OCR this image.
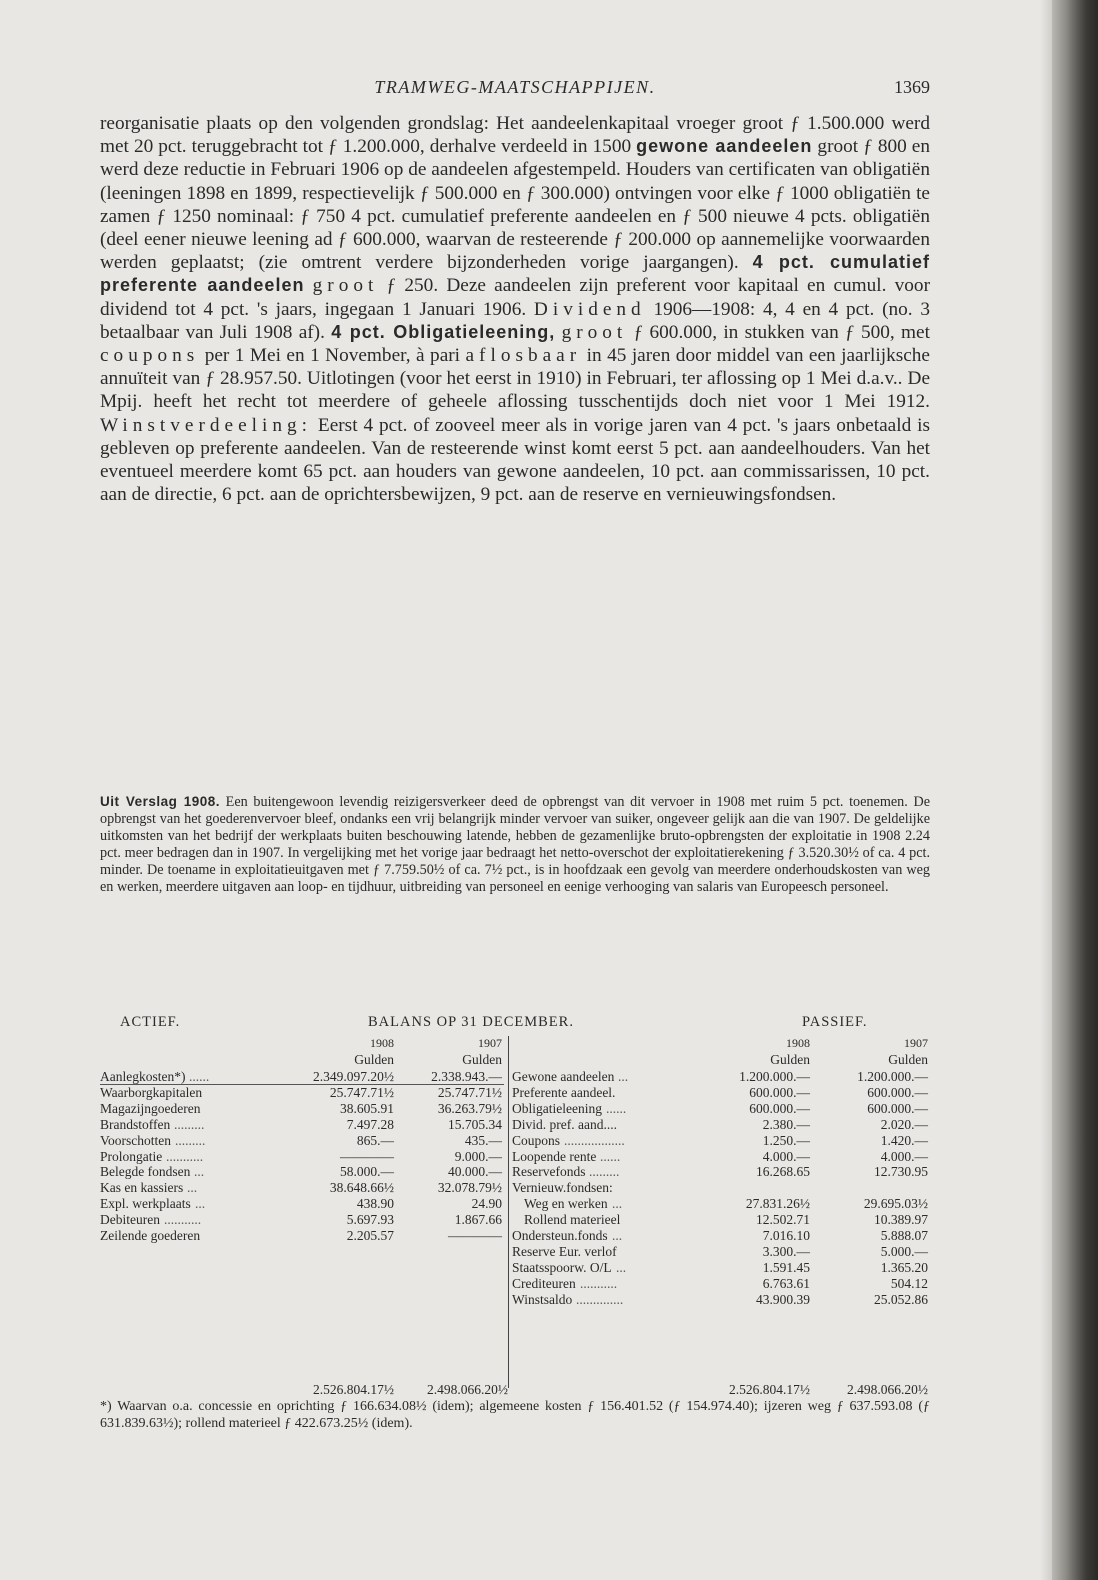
TRAMWEG-MAATSCHAPPIJEN.	1369

reorganisatie plaats op den volgenden grondslag: Het aandeelenkapitaal vroeger groot ƒ 1.500.000 werd met 20 pct. teruggebracht tot ƒ 1.200.000, derhalve verdeeld in 1500 gewone aandeelen groot ƒ 800 en werd deze reductie in Februari 1906 op de aandeelen afgestempeld. Houders van certificaten van obligatiën (leeningen 1898 en 1899, respectievelijk ƒ 500.000 en ƒ 300.000) ontvingen voor elke ƒ 1000 obligatiën te zamen ƒ 1250 nominaal: ƒ 750 4 pct. cumulatief preferente aandeelen en ƒ 500 nieuwe 4 pcts. obligatiën (deel eener nieuwe leening ad ƒ 600.000, waarvan de resteerende ƒ 200.000 op aannemelijke voorwaarden werden geplaatst; (zie omtrent verdere bijzonderheden vorige jaargangen). 4 pct. cumulatief preferente aandeelen groot ƒ 250. Deze aandeelen zijn preferent voor kapitaal en cumul. voor dividend tot 4 pct. 's jaars, ingegaan 1 Januari 1906. Dividend 1906—1908: 4, 4 en 4 pct. (no. 3 betaalbaar van Juli 1908 af). 4 pct. Obligatieleening, groot ƒ 600.000, in stukken van ƒ 500, met coupons per 1 Mei en 1 November, à pari aflosbaar in 45 jaren door middel van een jaarlijksche annuïteit van ƒ 28.957.50. Uitlotingen (voor het eerst in 1910) in Februari, ter aflossing op 1 Mei d.a.v.. De Mpij. heeft het recht tot meerdere of geheele aflossing tusschentijds doch niet voor 1 Mei 1912. Winstverdeeling: Eerst 4 pct. of zooveel meer als in vorige jaren van 4 pct. 's jaars onbetaald is gebleven op preferente aandeelen. Van de resteerende winst komt eerst 5 pct. aan aandeelhouders. Van het eventueel meerdere komt 65 pct. aan houders van gewone aandeelen, 10 pct. aan commissarissen, 10 pct. aan de directie, 6 pct. aan de oprichtersbewijzen, 9 pct. aan de reserve en vernieuwingsfondsen.

Uit Verslag 1908. Een buitengewoon levendig reizigersverkeer deed de opbrengst van dit vervoer in 1908 met ruim 5 pct. toenemen. De opbrengst van het goederenvervoer bleef, ondanks een vrij belangrijk minder vervoer van suiker, ongeveer gelijk aan die van 1907. De geldelijke uitkomsten van het bedrijf der werkplaats buiten beschouwing latende, hebben de gezamenlijke bruto-opbrengsten der exploitatie in 1908 2.24 pct. meer bedragen dan in 1907. In vergelijking met het vorige jaar bedraagt het netto-overschot der exploitatierekening ƒ 3.520.30½ of ca. 4 pct. minder. De toename in exploitatieuitgaven met ƒ 7.759.50½ of ca. 7½ pct., is in hoofdzaak een gevolg van meerdere onderhoudskosten van weg en werken, meerdere uitgaven aan loop- en tijdhuur, uitbreiding van personeel en eenige verhooging van salaris van Europeesch personeel.

ACTIEF.	BALANS OP 31 DECEMBER.	PASSIEF.
1908	1907	1908	1907
Gulden	Gulden	Gulden	Gulden
Aanlegkosten*) ......	2.349.097.20½	2.338.943.—
Waarborgkapitalen	25.747.71½	25.747.71½
Magazijngoederen	38.605.91	36.263.79½
Brandstoffen .........	7.497.28	15.705.34
Voorschotten .........	865.—	435.—
Prolongatie ...........	————	9.000.—
Belegde fondsen ...	58.000.—	40.000.—
Kas en kassiers ...	38.648.66½	32.078.79½
Expl. werkplaats ...	438.90	24.90
Debiteuren ...........	5.697.93	1.867.66
Zeilende goederen	2.205.57	————
Gewone aandeelen ...	1.200.000.—	1.200.000.—
Preferente aandeel.	600.000.—	600.000.—
Obligatieleening ......	600.000.—	600.000.—
Divid. pref. aand....	2.380.—	2.020.—
Coupons ..................	1.250.—	1.420.—
Loopende rente ......	4.000.—	4.000.—
Reservefonds .........	16.268.65	12.730.95
Vernieuw.fondsen:
Weg en werken ...	27.831.26½	29.695.03½
Rollend materieel	12.502.71	10.389.97
Ondersteun.fonds ...	7.016.10	5.888.07
Reserve Eur. verlof	3.300.—	5.000.—
Staatsspoorw. O/L ...	1.591.45	1.365.20
Crediteuren ...........	6.763.61	504.12
Winstsaldo ..............	43.900.39	25.052.86
2.526.804.17½	2.498.066.20½	2.526.804.17½	2.498.066.20½

*) Waarvan o.a. concessie en oprichting ƒ 166.634.08½ (idem); algemeene kosten ƒ 156.401.52 (ƒ 154.974.40); ijzeren weg ƒ 637.593.08 (ƒ 631.839.63½); rollend materieel ƒ 422.673.25½ (idem).
